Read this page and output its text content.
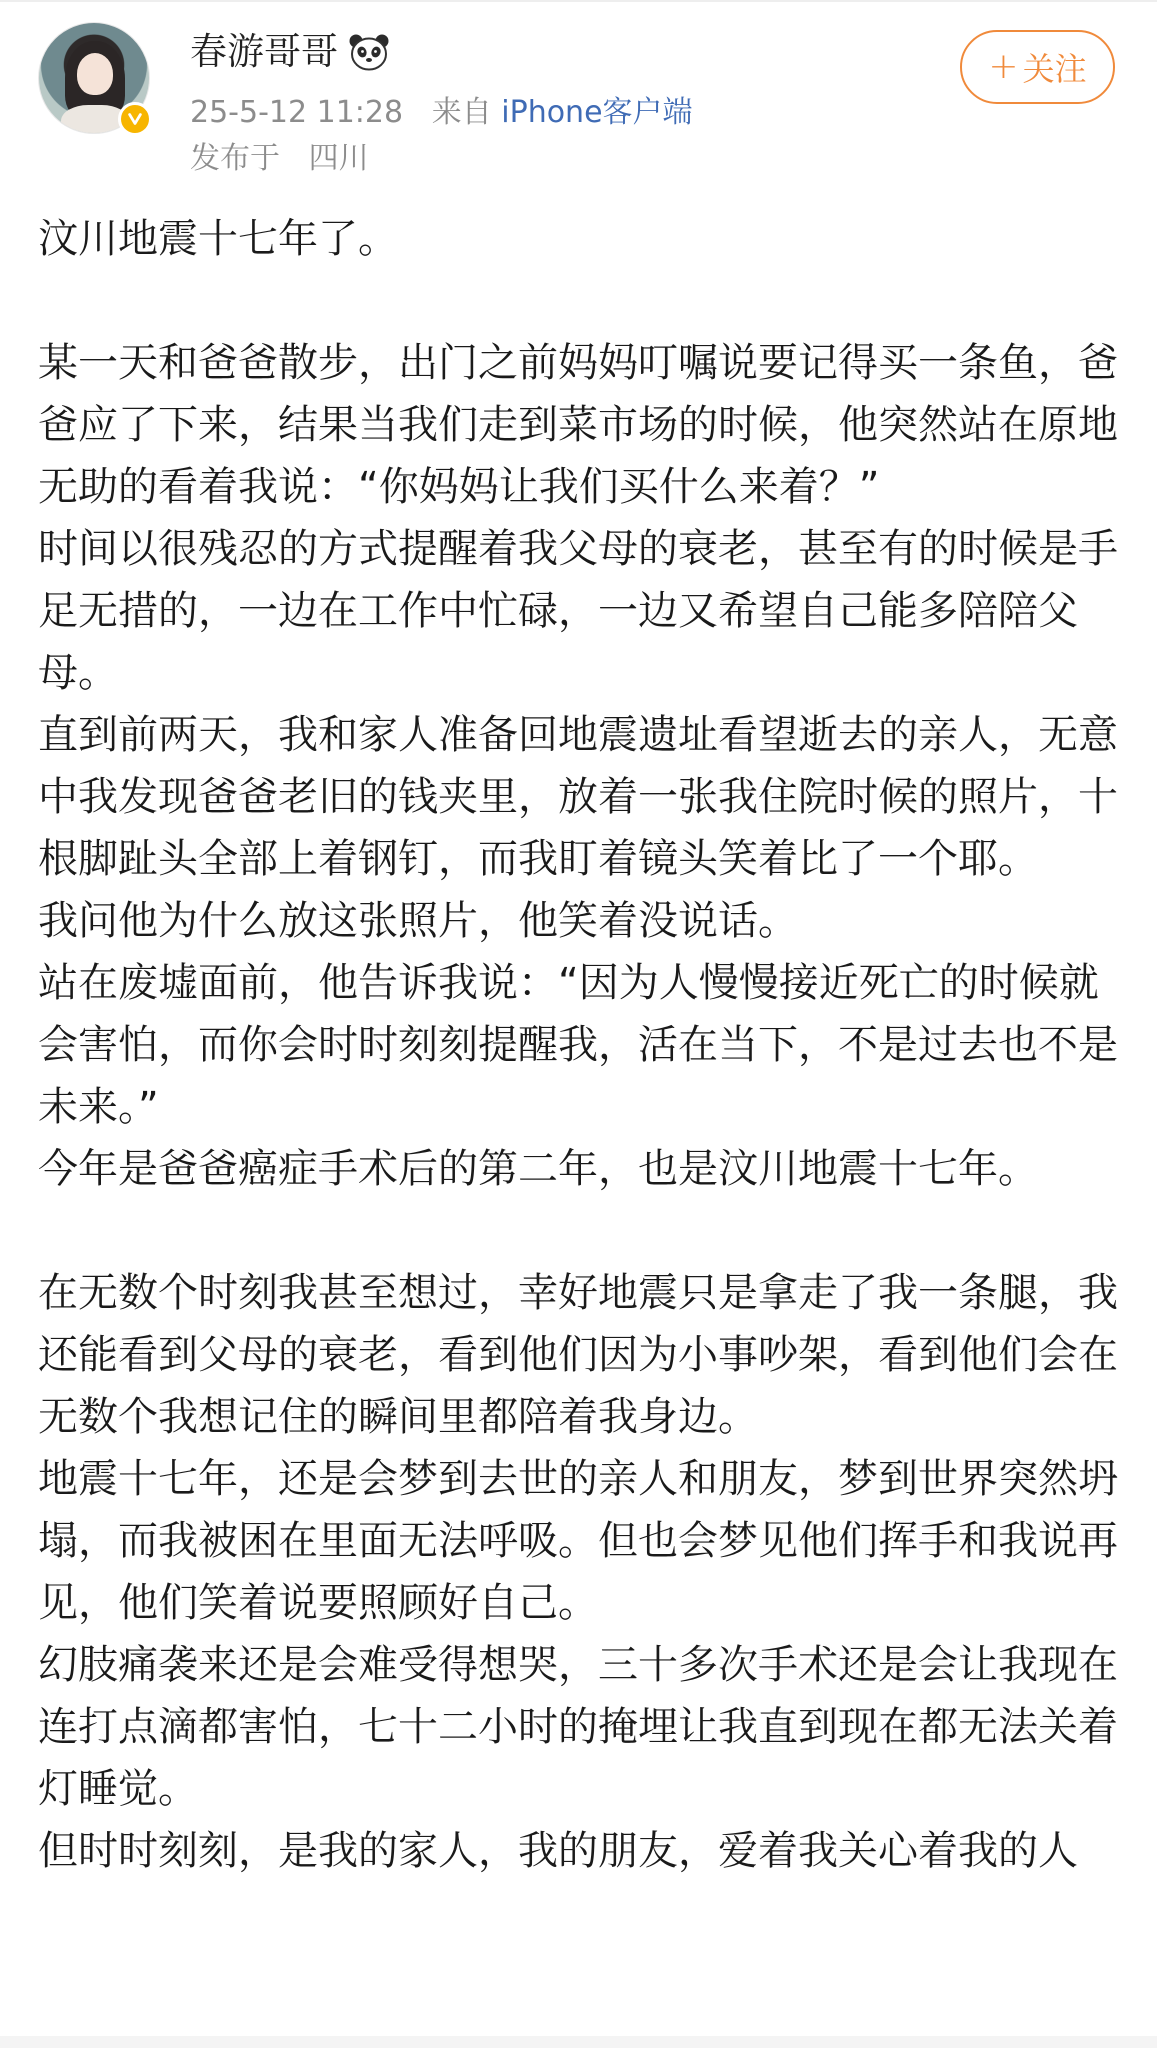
春游哥哥
25-5-12 11:28 来自 iPhone客户端
发布于 四川
+ 关注

汶川地震十七年了。

某一天和爸爸散步，出门之前妈妈叮嘱说要记得买一条鱼，爸爸应了下来，结果当我们走到菜市场的时候，他突然站在原地无助的看着我说：“你妈妈让我们买什么来着？”

时间以很残忍的方式提醒着我父母的衰老，甚至有的时候是手足无措的，一边在工作中忙碌，一边又希望自己能多陪陪父母。

直到前两天，我和家人准备回地震遗址看望逝去的亲人，无意中我发现爸爸老旧的钱夹里，放着一张我住院时候的照片，十根脚趾头全部上着钢钉，而我盯着镜头笑着比了一个耶。

我问他为什么放这张照片，他笑着没说话。

站在废墟面前，他告诉我说：“因为人慢慢接近死亡的时候就会害怕，而你会时时刻刻提醒我，活在当下，不是过去也不是未来。”

今年是爸爸癌症手术后的第二年，也是汶川地震十七年。

在无数个时刻我甚至想过，幸好地震只是拿走了我一条腿，我还能看到父母的衰老，看到他们因为小事吵架，看到他们会在无数个我想记住的瞬间里都陪着我身边。

地震十七年，还是会梦到去世的亲人和朋友，梦到世界突然坍塌，而我被困在里面无法呼吸。但也会梦见他们挥手和我说再见，他们笑着说要照顾好自己。

幻肢痛袭来还是会难受得想哭，三十多次手术还是会让我现在连打点滴都害怕，七十二小时的掩埋让我直到现在都无法关着灯睡觉。

但时时刻刻，是我的家人，我的朋友，爱着我关心着我的人
